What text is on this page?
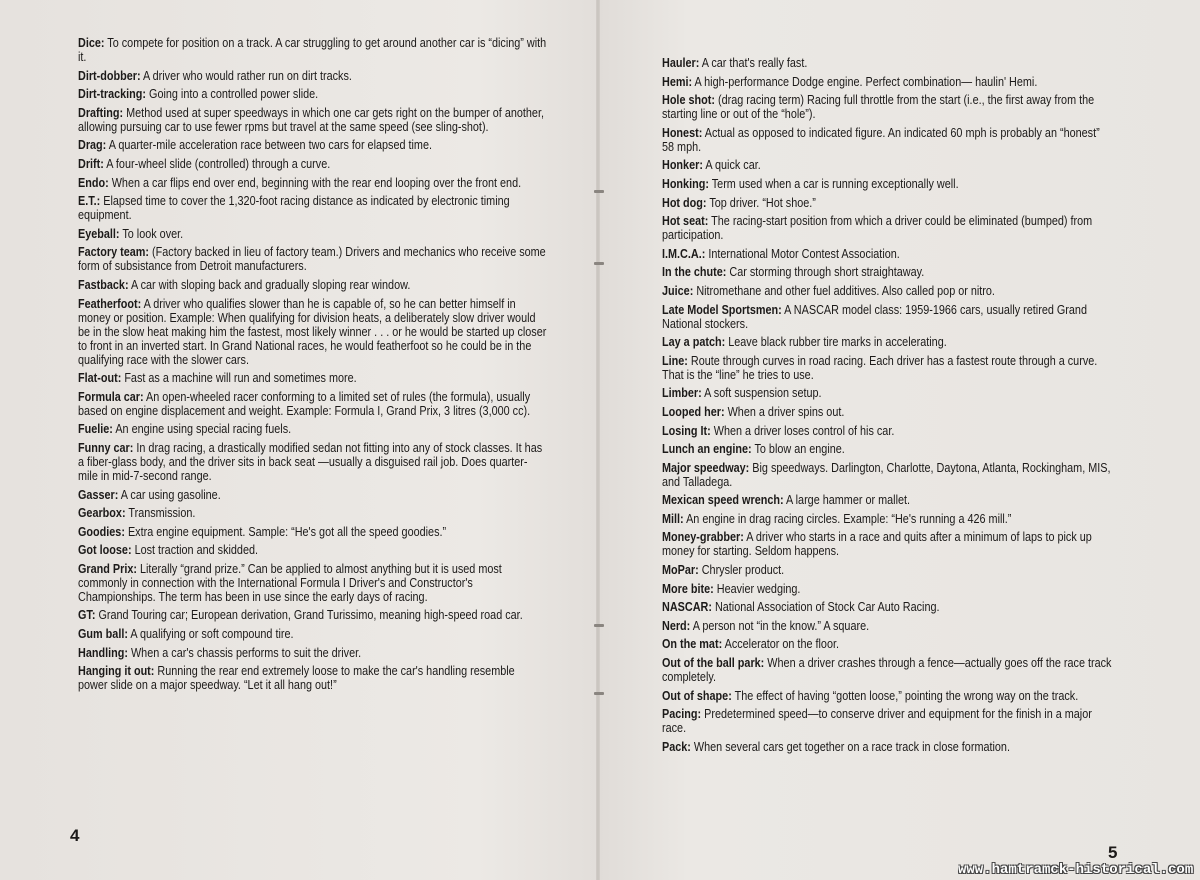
Dice: To compete for position on a track. A car struggling to get around another car is “dicing” with it.
Dirt-dobber: A driver who would rather run on dirt tracks.
Dirt-tracking: Going into a controlled power slide.
Drafting: Method used at super speedways in which one car gets right on the bumper of another, allowing pursuing car to use fewer rpms but travel at the same speed (see sling-shot).
Drag: A quarter-mile acceleration race between two cars for elapsed time.
Drift: A four-wheel slide (controlled) through a curve.
Endo: When a car flips end over end, beginning with the rear end looping over the front end.
E.T.: Elapsed time to cover the 1,320-foot racing distance as indicated by electronic timing equipment.
Eyeball: To look over.
Factory team: (Factory backed in lieu of factory team.) Drivers and mechanics who receive some form of subsistance from Detroit manufacturers.
Fastback: A car with sloping back and gradually sloping rear window.
Featherfoot: A driver who qualifies slower than he is capable of, so he can better himself in money or position. Example: When qualifying for division heats, a deliberately slow driver would be in the slow heat making him the fastest, most likely winner . . . or he would be started up closer to front in an inverted start. In Grand National races, he would featherfoot so he could be in the qualifying race with the slower cars.
Flat-out: Fast as a machine will run and sometimes more.
Formula car: An open-wheeled racer conforming to a limited set of rules (the formula), usually based on engine displacement and weight. Example: Formula I, Grand Prix, 3 litres (3,000 cc).
Fuelie: An engine using special racing fuels.
Funny car: In drag racing, a drastically modified sedan not fitting into any of stock classes. It has a fiber-glass body, and the driver sits in back seat —usually a disguised rail job. Does quarter-mile in mid-7-second range.
Gasser: A car using gasoline.
Gearbox: Transmission.
Goodies: Extra engine equipment. Sample: “He's got all the speed goodies.”
Got loose: Lost traction and skidded.
Grand Prix: Literally “grand prize.” Can be applied to almost anything but it is used most commonly in connection with the International Formula I Driver's and Constructor's Championships. The term has been in use since the early days of racing.
GT: Grand Touring car; European derivation, Grand Turissimo, meaning high-speed road car.
Gum ball: A qualifying or soft compound tire.
Handling: When a car's chassis performs to suit the driver.
Hanging it out: Running the rear end extremely loose to make the car's handling resemble power slide on a major speedway. “Let it all hang out!”
Hauler: A car that's really fast.
Hemi: A high-performance Dodge engine. Perfect combination— haulin' Hemi.
Hole shot: (drag racing term) Racing full throttle from the start (i.e., the first away from the starting line or out of the “hole”).
Honest: Actual as opposed to indicated figure. An indicated 60 mph is probably an “honest” 58 mph.
Honker: A quick car.
Honking: Term used when a car is running exceptionally well.
Hot dog: Top driver. “Hot shoe.”
Hot seat: The racing-start position from which a driver could be eliminated (bumped) from participation.
I.M.C.A.: International Motor Contest Association.
In the chute: Car storming through short straightaway.
Juice: Nitromethane and other fuel additives. Also called pop or nitro.
Late Model Sportsmen: A NASCAR model class: 1959-1966 cars, usually retired Grand National stockers.
Lay a patch: Leave black rubber tire marks in accelerating.
Line: Route through curves in road racing. Each driver has a fastest route through a curve. That is the “line” he tries to use.
Limber: A soft suspension setup.
Looped her: When a driver spins out.
Losing It: When a driver loses control of his car.
Lunch an engine: To blow an engine.
Major speedway: Big speedways. Darlington, Charlotte, Daytona, Atlanta, Rockingham, MIS, and Talladega.
Mexican speed wrench: A large hammer or mallet.
Mill: An engine in drag racing circles. Example: “He's running a 426 mill.”
Money-grabber: A driver who starts in a race and quits after a minimum of laps to pick up money for starting. Seldom happens.
MoPar: Chrysler product.
More bite: Heavier wedging.
NASCAR: National Association of Stock Car Auto Racing.
Nerd: A person not “in the know.” A square.
On the mat: Accelerator on the floor.
Out of the ball park: When a driver crashes through a fence—actually goes off the race track completely.
Out of shape: The effect of having “gotten loose,” pointing the wrong way on the track.
Pacing: Predetermined speed—to conserve driver and equipment for the finish in a major race.
Pack: When several cars get together on a race track in close formation.
4
5
www.hamtramck-historical.com
